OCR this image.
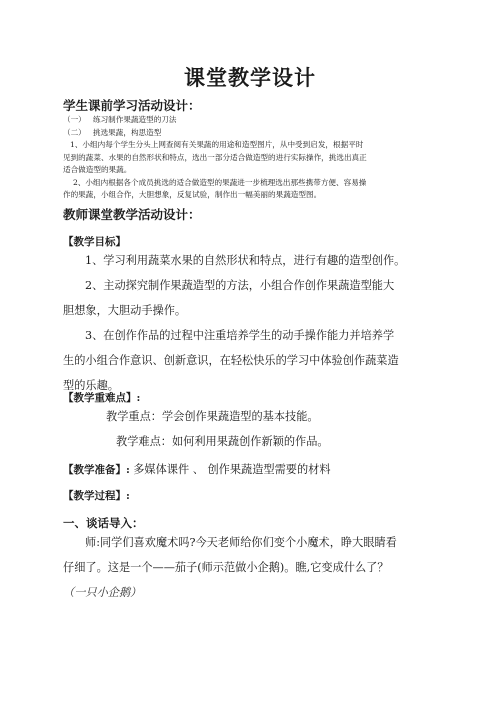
课堂教学设计
学生课前学习活动设计：
（一） 练习制作果蔬造型的刀法
（二） 挑选果蔬，构思造型
1、小组内每个学生分头上网查阅有关果蔬的用途和造型图片，从中受到启发，根据平时
见到的蔬菜、水果的自然形状和特点，选出一部分适合做造型的进行实际操作，挑选出真正
适合做造型的果蔬。
2、小组内根据各个成员挑选的适合做造型的果蔬进一步梳理选出那些携带方便、容易操
作的果蔬，小组合作，大胆想象，反复试验，制作出一幅美丽的果蔬造型图。
教师课堂教学活动设计：
【教学目标】
1、学习利用蔬菜水果的自然形状和特点，进行有趣的造型创作。
2、主动探究制作果蔬造型的方法，小组合作创作果蔬造型能大
胆想象，大胆动手操作。
3、在创作作品的过程中注重培养学生的动手操作能力并培养学
生的小组合作意识、创新意识，在轻松快乐的学习中体验创作蔬菜造
型的乐趣。
【教学重难点】:
教学重点：学会创作果蔬造型的基本技能。
教学难点：如何利用果蔬创作新颖的作品。
【教学准备】: 多媒体课件 、 创作果蔬造型需要的材料
【教学过程】:
一、谈话导入：
师:同学们喜欢魔术吗?今天老师给你们变个小魔术，睁大眼睛看
仔细了。这是一个——茄子(师示范做小企鹅)。瞧,它变成什么了？
（一只小企鹅）
